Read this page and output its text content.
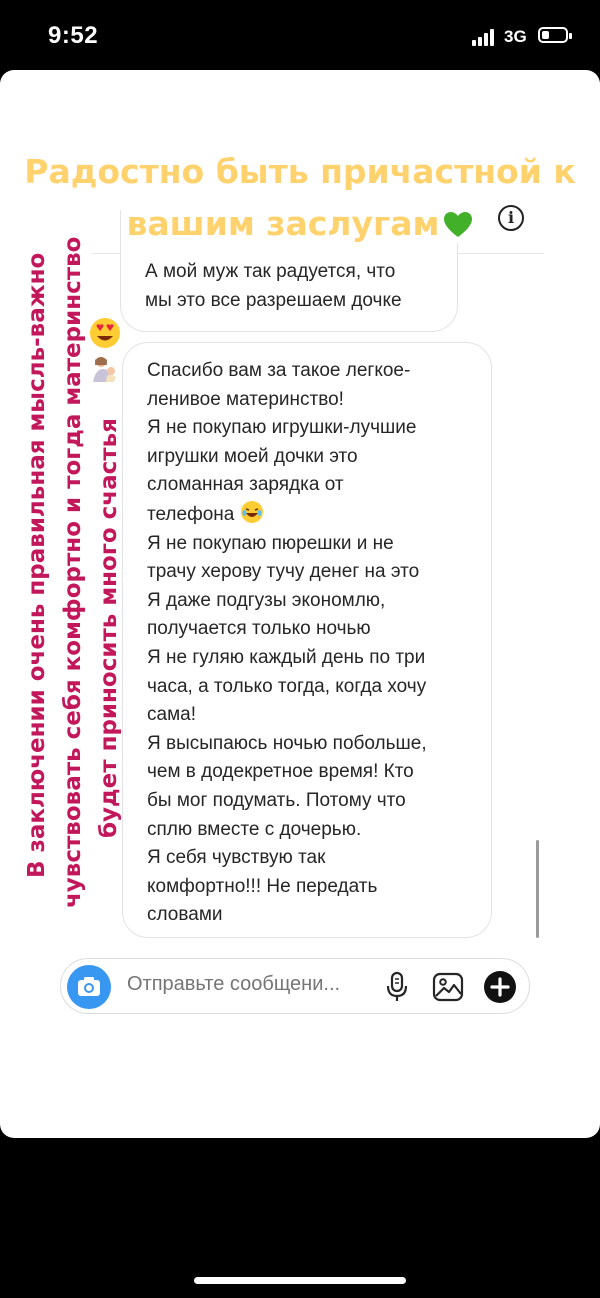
9:52	3G
А мой муж так радуется, что
мы это все разрешаем дочке
Спасибо вам за такое легкое-
ленивое материнство!
Я не покупаю игрушки-лучшие
игрушки моей дочки это
сломанная зарядка от
телефона
Я не покупаю пюрешки и не
трачу херову тучу денег на это
Я даже подгузы экономлю,
получается только ночью
Я не гуляю каждый день по три
часа, а только тогда, когда хочу
сама!
Я высыпаюсь ночью побольше,
чем в додекретное время! Кто
бы мог подумать. Потому что
сплю вместе с дочерью.
Я себя чувствую так
комфортно!!! Не передать
словами
Радостно быть причастной к
вашим заслугам	i
В заключении очень правильная мысль-важно чувствовать себя комфортно и тогда материнство будет приносить много счастья
Отправьте сообщени...
